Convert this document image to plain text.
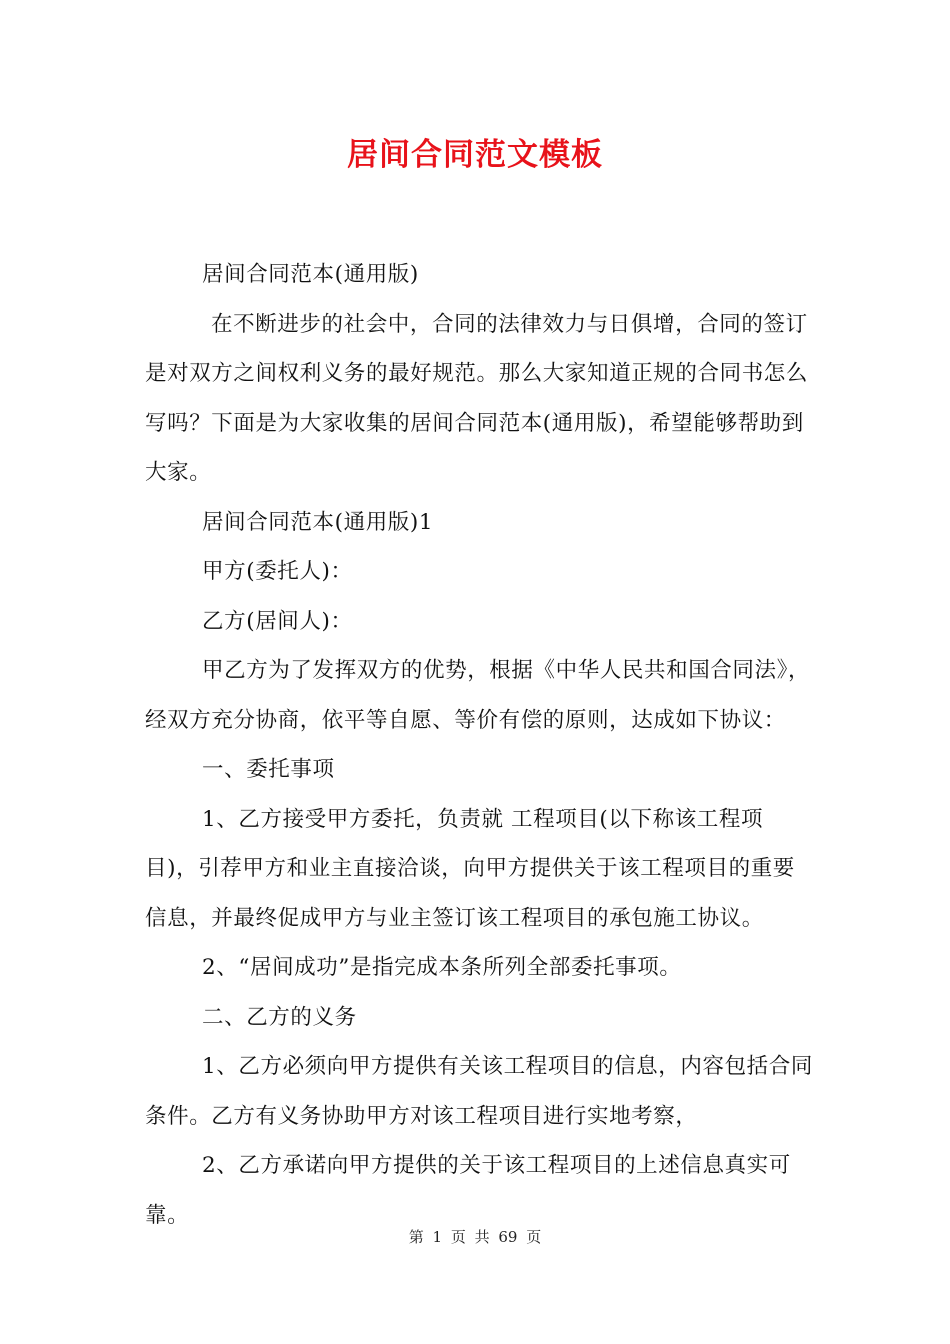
居间合同范文模板

居间合同范本(通用版)

在不断进步的社会中，合同的法律效力与日俱增，合同的签订是对双方之间权利义务的最好规范。那么大家知道正规的合同书怎么写吗？下面是为大家收集的居间合同范本(通用版)，希望能够帮助到大家。

居间合同范本(通用版)1

甲方(委托人)：

乙方(居间人)：

甲乙方为了发挥双方的优势，根据《中华人民共和国合同法》，经双方充分协商，依平等自愿、等价有偿的原则，达成如下协议：

一、委托事项

1、乙方接受甲方委托，负责就 工程项目(以下称该工程项目)，引荐甲方和业主直接洽谈，向甲方提供关于该工程项目的重要信息，并最终促成甲方与业主签订该工程项目的承包施工协议。

2、“居间成功”是指完成本条所列全部委托事项。

二、乙方的义务

1、乙方必须向甲方提供有关该工程项目的信息，内容包括合同条件。乙方有义务协助甲方对该工程项目进行实地考察，

2、乙方承诺向甲方提供的关于该工程项目的上述信息真实可靠。

第 1 页 共 69 页
